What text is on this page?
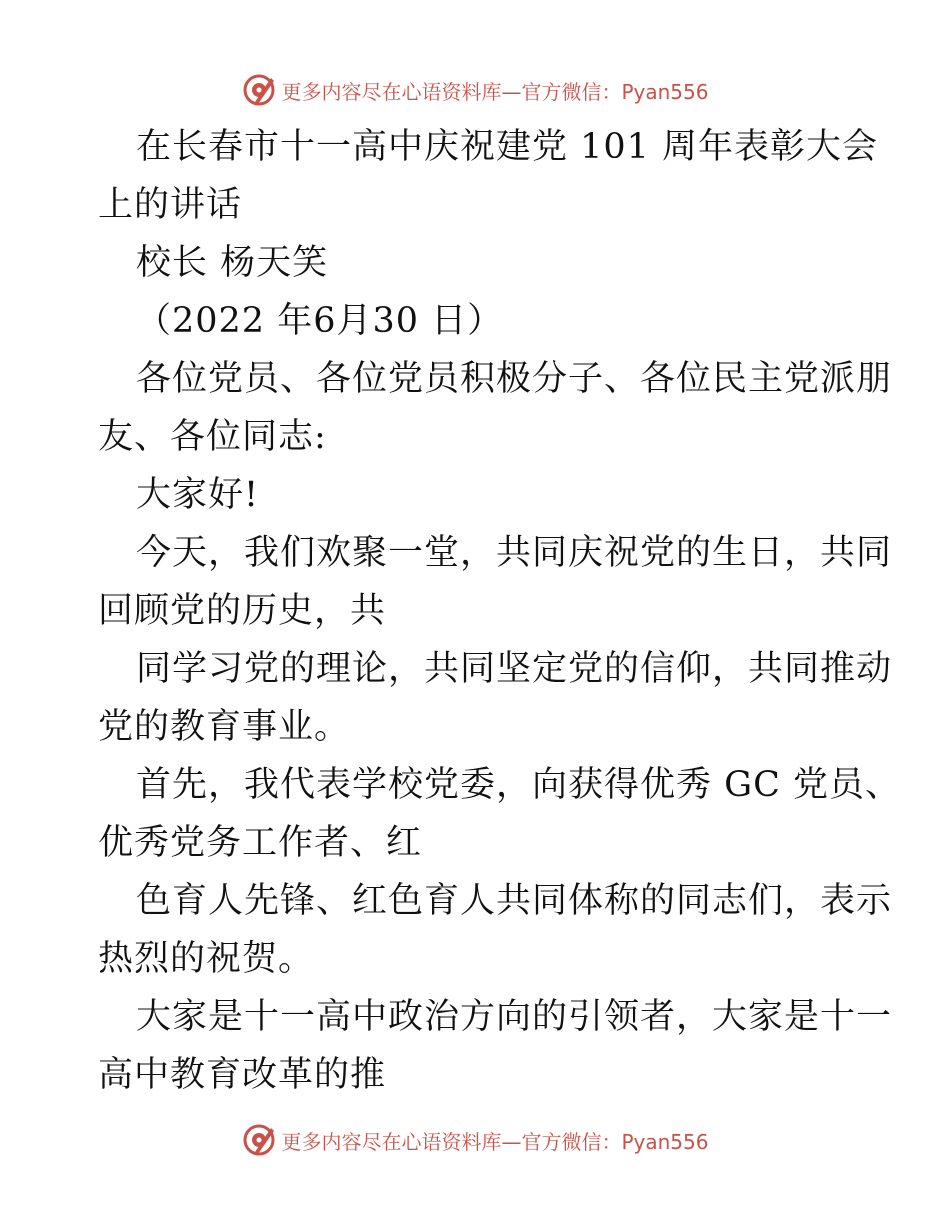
更多内容尽在心语资料库—官方微信：Pyan556
在长春市十一高中庆祝建党 101 周年表彰大会
上的讲话
校长 杨天笑
（2022 年6月30 日）
各位党员、各位党员积极分子、各位民主党派朋
友、各位同志:
大家好!
今天，我们欢聚一堂，共同庆祝党的生日，共同
回顾党的历史，共
同学习党的理论，共同坚定党的信仰，共同推动
党的教育事业。
首先，我代表学校党委，向获得优秀 GC 党员、
优秀党务工作者、红
色育人先锋、红色育人共同体称的同志们，表示
热烈的祝贺。
大家是十一高中政治方向的引领者，大家是十一
高中教育改革的推
更多内容尽在心语资料库—官方微信：Pyan556
